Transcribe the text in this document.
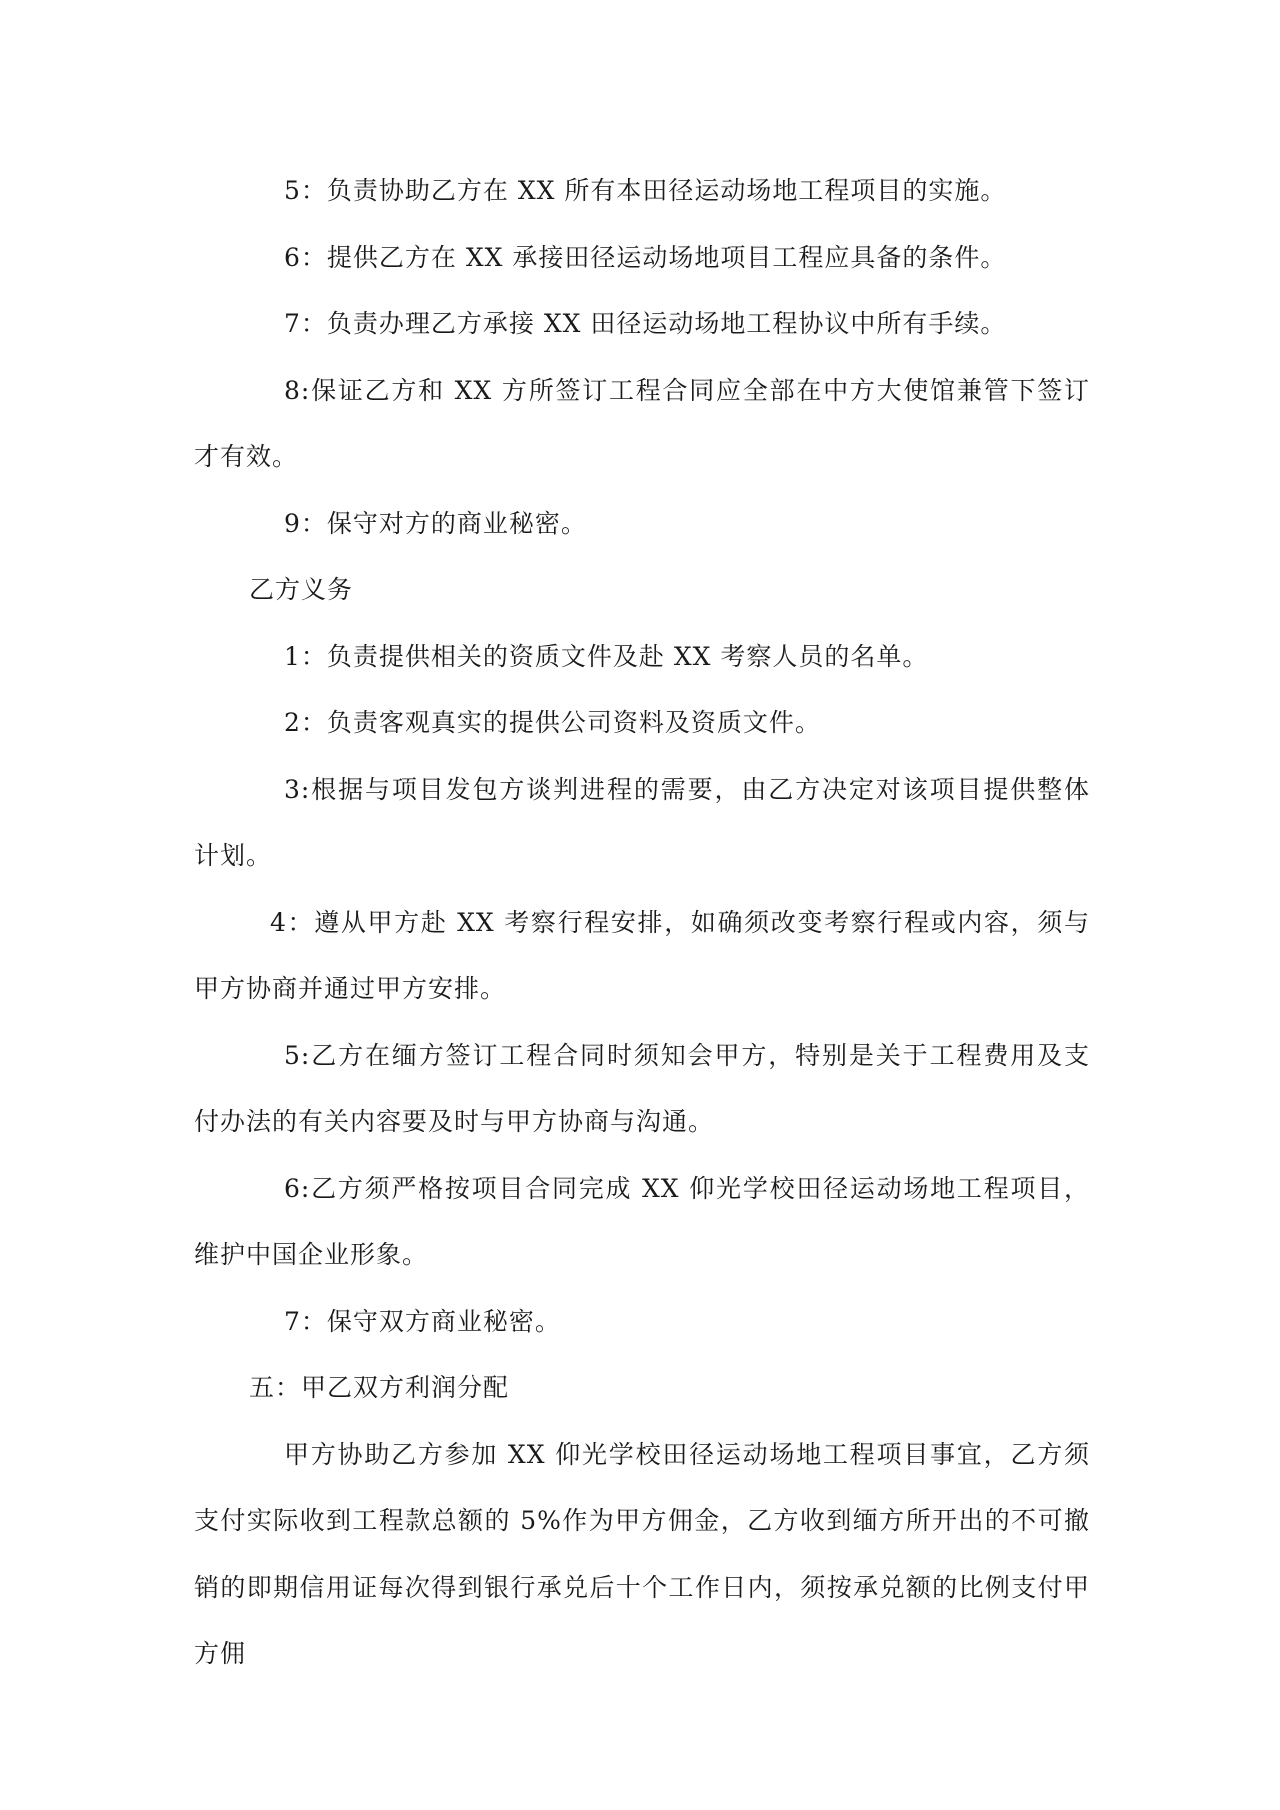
5：负责协助乙方在 XX 所有本田径运动场地工程项目的实施。

6：提供乙方在 XX 承接田径运动场地项目工程应具备的条件。

7：负责办理乙方承接 XX 田径运动场地工程协议中所有手续。

8:保证乙方和 XX 方所签订工程合同应全部在中方大使馆兼管下签订才有效。

9：保守对方的商业秘密。

乙方义务

1：负责提供相关的资质文件及赴 XX 考察人员的名单。

2：负责客观真实的提供公司资料及资质文件。

3:根据与项目发包方谈判进程的需要，由乙方决定对该项目提供整体计划。

4：遵从甲方赴 XX 考察行程安排，如确须改变考察行程或内容，须与甲方协商并通过甲方安排。

5:乙方在缅方签订工程合同时须知会甲方，特别是关于工程费用及支付办法的有关内容要及时与甲方协商与沟通。

6:乙方须严格按项目合同完成 XX 仰光学校田径运动场地工程项目，维护中国企业形象。

7：保守双方商业秘密。

五：甲乙双方利润分配

甲方协助乙方参加 XX 仰光学校田径运动场地工程项目事宜，乙方须支付实际收到工程款总额的 5%作为甲方佣金，乙方收到缅方所开出的不可撤销的即期信用证每次得到银行承兑后十个工作日内，须按承兑额的比例支付甲方佣
